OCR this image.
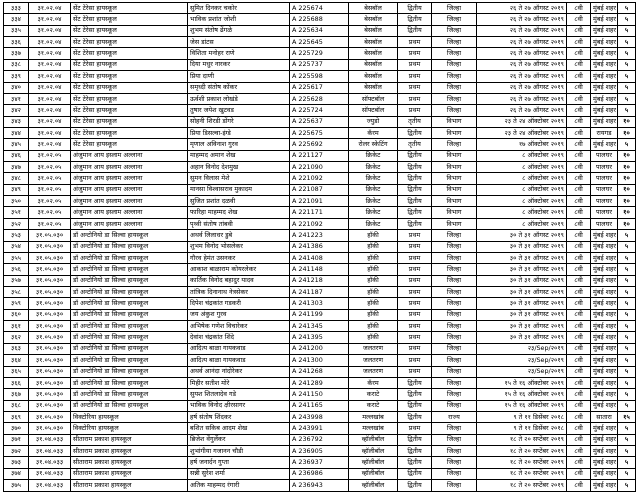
३३३	३१.०२.०४	सेंट टेरेसा हायस्कूल	सुमित दिनकर चकोर	A 225674	बेसबॉल	द्वितीय	जिल्हा	२६ ते २७ ऑगस्ट २०१९	८वी	मुंबई शहर	५
३३४	३१.०२.०४	सेंट टेरेसा हायस्कूल	भाविक प्रशांत जोशी	A 225688	बेसबॉल	द्वितीय	जिल्हा	२६ ते २७ ऑगस्ट २०१९	८वी	मुंबई शहर	५
३३५	३१.०२.०४	सेंट टेरेसा हायस्कूल	शुभम संतोष ढेंगळे	A 225634	बेसबॉल	द्वितीय	जिल्हा	२६ ते २७ ऑगस्ट २०१९	८वी	मुंबई शहर	५
३३६	३१.०२.०४	सेंट टेरेसा हायस्कूल	जेस डांटस	A 225645	बेसबॉल	प्रथम	जिल्हा	२६ ते २७ ऑगस्ट २०१९	८वी	मुंबई शहर	५
३३७	३१.०२.०४	सेंट टेरेसा हायस्कूल	विशिता मनोहर राणे	A 225729	बेसबॉल	प्रथम	जिल्हा	२६ ते २७ ऑगस्ट २०१९	८वी	मुंबई शहर	५
३३८	३१.०२.०४	सेंट टेरेसा हायस्कूल	दिया मधुर नारकर	A 225737	बेसबॉल	प्रथम	जिल्हा	२६ ते २७ ऑगस्ट २०१९	८वी	मुंबई शहर	५
३३९	३१.०२.०४	सेंट टेरेसा हायस्कूल	प्रिया दाणी	A 225598	बेसबॉल	प्रथम	जिल्हा	२६ ते २७ ऑगस्ट २०१९	८वी	मुंबई शहर	५
३४०	३१.०२.०४	सेंट टेरेसा हायस्कूल	समृध्दी संतोष कोंकर	A 225617	बेसबॉल	प्रथम	जिल्हा	२६ ते २७ ऑगस्ट २०१९	८वी	मुंबई शहर	५
३४१	३१.०२.०४	सेंट टेरेसा हायस्कूल	ऊर्वशी प्रकाश लोखंडे	A 225628	सॉफ्टबॉल	प्रथम	जिल्हा	२६ ते २७ ऑगस्ट २०१९	८वी	मुंबई शहर	५
३४२	३१.०२.०४	सेंट टेरेसा हायस्कूल	तुषार जयेश खुटवड	A 225724	सॉफ्टबॉल	प्रथम	जिल्हा	२६ ते २७ ऑगस्ट २०१९	८वी	मुंबई शहर	५
३४३	३१.०२.०४	सेंट टेरेसा हायस्कूल	सोहनी शिरडी डोंगरे	A 225637	ज्युडो	तृतीय	विभाग	२३ ते २४ ऑक्टोबर २०१९	८वी	मुंबई शहर	१०
३४४	३१.०२.०४	सेंट टेरेसा हायस्कूल	प्रिया डिसल्वा-इंग्डे	A 225675	कॅरम	द्वितीय	विभाग	२३ ते २४ ऑक्टोबर २०१९	८वी	रायगड	१०
३४५	३१.०२.०४	सेंट टेरेसा हायस्कूल	मृणाल अविनाश गुरव	A 225692	रोलर स्केटिंग	तृतीय	जिल्हा	१७ ऑक्टोबर २०१९	८वी	मुंबई शहर	५
३४६	३१.०२.०५	अंजुमान आय इस्लाम अल्लाना	माहम्मद अमान शेख	A 221127	क्रिकेट	द्वितीय	विभाग	८ ऑक्टोबर २०१९	८वी	पालघर	१०
३४७	३१.०२.०५	अंजुमान आय इस्लाम अल्लाना	अहान विनोद देशमुख	A 221090	क्रिकेट	द्वितीय	विभाग	८ ऑक्टोबर २०१९	८वी	पालघर	१०
३४८	३१.०२.०५	अंजुमान आय इस्लाम अल्लाना	सुमन विलास मेशे	A 221092	क्रिकेट	द्वितीय	विभाग	८ ऑक्टोबर २०१९	८वी	पालघर	१०
३४९	३१.०२.०५	अंजुमान आय इस्लाम अल्लाना	मानसा विश्वासराव मुकादम	A 221087	क्रिकेट	द्वितीय	विभाग	८ ऑक्टोबर २०१९	८वी	पालघर	१०
३५०	३१.०२.०५	अंजुमान आय इस्लाम अल्लाना	सुजित प्रशांत दळवी	A 221091	क्रिकेट	द्वितीय	विभाग	८ ऑक्टोबर २०१९	८वी	पालघर	१०
३५१	३१.०२.०५	अंजुमान आय इस्लाम अल्लाना	फारिहा माहम्मद शेख	A 221171	क्रिकेट	द्वितीय	विभाग	८ ऑक्टोबर २०१९	८वी	पालघर	१०
३५२	३१.०२.०५	अंजुमान आय इस्लाम अल्लाना	पृथ्वी संतोष तांबवी	A 221092	क्रिकेट	द्वितीय	विभाग	८ ऑक्टोबर २०१९	८वी	पालघर	१०
३५३	३१.०५.०३०	डॉ अन्टोनियो डा सिल्वा हायस्कूल	अथर्व लिलाधर डुबे	A 241223	हॉकी	प्रथम	जिल्हा	३० ते ३१ ऑगस्ट २०१९	८वी	मुंबई शहर	५
३५४	३१.०५.०३०	डॉ अन्टोनियो डा सिल्वा हायस्कूल	शुभम विनोद भोसलेकर	A 241386	हॉकी	प्रथम	जिल्हा	३० ते ३१ ऑगस्ट २०१९	८वी	मुंबई शहर	५
३५५	३१.०५.०३०	डॉ अन्टोनियो डा सिल्वा हायस्कूल	गौरव हेमंत उसनकर	A 241408	हॉकी	प्रथम	जिल्हा	३० ते ३१ ऑगस्ट २०१९	८वी	मुंबई शहर	५
३५६	३१.०५.०३०	डॉ अन्टोनियो डा सिल्वा हायस्कूल	आकाश बाळाराम कोयरलेकर	A 241148	हॉकी	प्रथम	जिल्हा	३० ते ३१ ऑगस्ट २०१९	८वी	मुंबई शहर	५
३५७	३१.०५.०३०	डॉ अन्टोनियो डा सिल्वा हायस्कूल	कार्तिक विनोद बहादुर यादव	A 241218	हॉकी	प्रथम	जिल्हा	३० ते ३१ ऑगस्ट २०१९	८वी	मुंबई शहर	५
३५८	३१.०५.०३०	डॉ अन्टोनियो डा सिल्वा हायस्कूल	तांत्रिक दिनानाथ नेत्रसेकर	A 241187	हॉकी	प्रथम	जिल्हा	३० ते ३१ ऑगस्ट २०१९	८वी	मुंबई शहर	५
३५९	३१.०५.०३०	डॉ अन्टोनियो डा सिल्वा हायस्कूल	दिपेश चंद्रकांत गडकरी	A 241303	हॉकी	प्रथम	जिल्हा	३० ते ३१ ऑगस्ट २०१९	८वी	मुंबई शहर	५
३६०	३१.०५.०३०	डॉ अन्टोनियो डा सिल्वा हायस्कूल	जय अंकुश गुरव	A 241199	हॉकी	प्रथम	जिल्हा	३० ते ३१ ऑगस्ट २०१९	८वी	मुंबई शहर	५
३६१	३१.०५.०३०	डॉ अन्टोनियो डा सिल्वा हायस्कूल	अभिषेक गणेश विचारेकर	A 241345	हॉकी	प्रथम	जिल्हा	३० ते ३१ ऑगस्ट २०१९	८वी	मुंबई शहर	५
३६२	३१.०५.०३०	डॉ अन्टोनियो डा सिल्वा हायस्कूल	देवांश चंद्रकांत शिंदे	A 241395	हॉकी	प्रथम	जिल्हा	३० ते ३१ ऑगस्ट २०१९	८वी	मुंबई शहर	५
३६३	३१.०५.०३०	डॉ अन्टोनियो डा सिल्वा हायस्कूल	आदित्य बाळा गायकवाड	A 241200	जलतरण	प्रथम	जिल्हा	२३/Sep/२०१९	८वी	मुंबई शहर	५
३६४	३१.०५.०३०	डॉ अन्टोनियो डा सिल्वा हायस्कूल	आदित्य बाळा गायकवाड	A 241300	जलतरण	प्रथम	जिल्हा	२३/Sep/२०१९	८वी	मुंबई शहर	५
३६५	३१.०५.०३०	डॉ अन्टोनियो डा सिल्वा हायस्कूल	अथर्व आनंदा नांदोरेकर	A 241268	जलतरण	प्रथम	जिल्हा	२३/Sep/२०१९	८वी	मुंबई शहर	५
३६६	३१.०५.०३०	डॉ अन्टोनियो डा सिल्वा हायस्कूल	मिहीर सतीश मोरे	A 241289	कॅरम	द्वितीय	जिल्हा	१५ ते १६ ऑक्टोबर २०१९	८वी	मुंबई शहर	५
३६७	३१.०५.०३०	डॉ अन्टोनियो डा सिल्वा हायस्कूल	सुयश शितलादेव गडे	A 241150	कराटे	द्वितीय	जिल्हा	१५ ते १६ ऑक्टोबर २०१९	८वी	मुंबई शहर	५
३६८	३१.०५.०३०	डॉ अन्टोनियो डा सिल्वा हायस्कूल	भाविक विनोद क्षीरसागर	A 241165	कराटे	द्वितीय	जिल्हा	१५ ते १६ ऑक्टोबर २०१९	८वी	मुंबई शहर	५
३६९	३१.०५.०३०	विक्टोरिया हायस्कूल	हर्ष संतोष शिंदकर	A 243998	मल्लखांब	द्वितीय	राज्य	९ ते ११ डिसेंबर २०१८	८वी	सातारा	१५
३७०	३१.०५.०३०	विक्टोरिया हायस्कूल	बशित सकिब आदम शेख	A 243991	मल्लखांब	प्रथम	जिल्हा	९ ते ११ डिसेंबर २०१८	८वी	मुंबई शहर	५
३७१	३१.०४.०३३	सीताराम प्रकाश हायस्कूल	ब्रिजेश वेंगुर्लेकर	A 236792	व्हॉलीबॉल	द्वितीय	जिल्हा	१८ ते २० सप्टेंबर २०१९	८वी	मुंबई शहर	५
३७२	३१.०४.०३३	सीताराम प्रकाश हायस्कूल	शुभांगीया गजानन चौडी	A 236905	व्हॉलीबॉल	द्वितीय	जिल्हा	१८ ते २० सप्टेंबर २०१९	८वी	मुंबई शहर	५
३७३	३१.०४.०३३	सीताराम प्रकाश हायस्कूल	हर्ष जनार्दन गुप्ता	A 236937	व्हॉलीबॉल	द्वितीय	जिल्हा	१८ ते २० सप्टेंबर २०१९	८वी	मुंबई शहर	५
३७४	३१.०४.०३३	सीताराम प्रकाश हायस्कूल	सन्नी सुरेश शर्मा	A 236986	व्हॉलीबॉल	द्वितीय	जिल्हा	१८ ते २० सप्टेंबर २०१९	८वी	मुंबई शहर	५
३७५	३१.०४.०३३	सीताराम प्रकाश हायस्कूल	अतिक माहम्मद रंगारी	A 236943	व्हॉलीबॉल	द्वितीय	जिल्हा	१८ ते २० सप्टेंबर २०१९	८वी	मुंबई शहर	५
